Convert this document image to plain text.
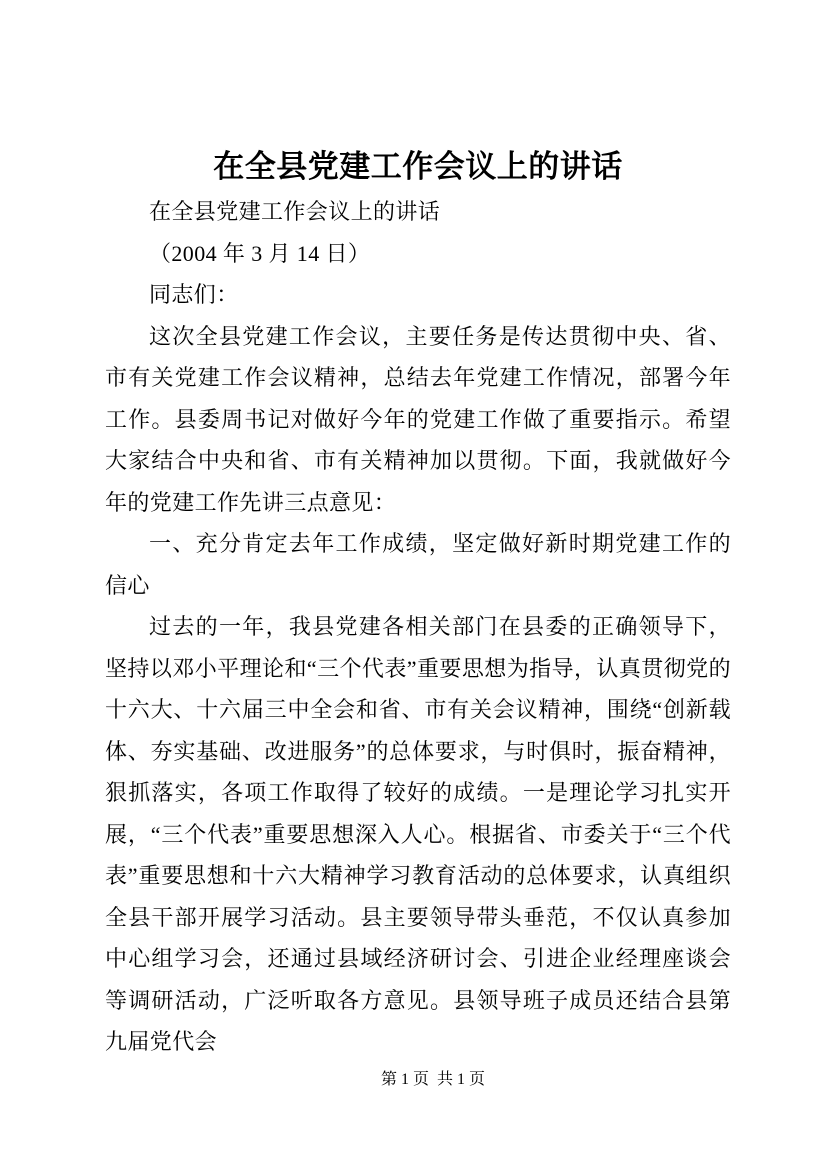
在全县党建工作会议上的讲话

在全县党建工作会议上的讲话

（2004 年 3 月 14 日）

同志们：

这次全县党建工作会议，主要任务是传达贯彻中央、省、市有关党建工作会议精神，总结去年党建工作情况，部署今年工作。县委周书记对做好今年的党建工作做了重要指示。希望大家结合中央和省、市有关精神加以贯彻。下面，我就做好今年的党建工作先讲三点意见：

一、充分肯定去年工作成绩，坚定做好新时期党建工作的信心

过去的一年，我县党建各相关部门在县委的正确领导下，坚持以邓小平理论和“三个代表”重要思想为指导，认真贯彻党的十六大、十六届三中全会和省、市有关会议精神，围绕“创新载体、夯实基础、改进服务”的总体要求，与时俱时，振奋精神，狠抓落实，各项工作取得了较好的成绩。一是理论学习扎实开展，“三个代表”重要思想深入人心。根据省、市委关于“三个代表”重要思想和十六大精神学习教育活动的总体要求，认真组织全县干部开展学习活动。县主要领导带头垂范，不仅认真参加中心组学习会，还通过县域经济研讨会、引进企业经理座谈会等调研活动，广泛听取各方意见。县领导班子成员还结合县第九届党代会

第 1 页  共 1 页
